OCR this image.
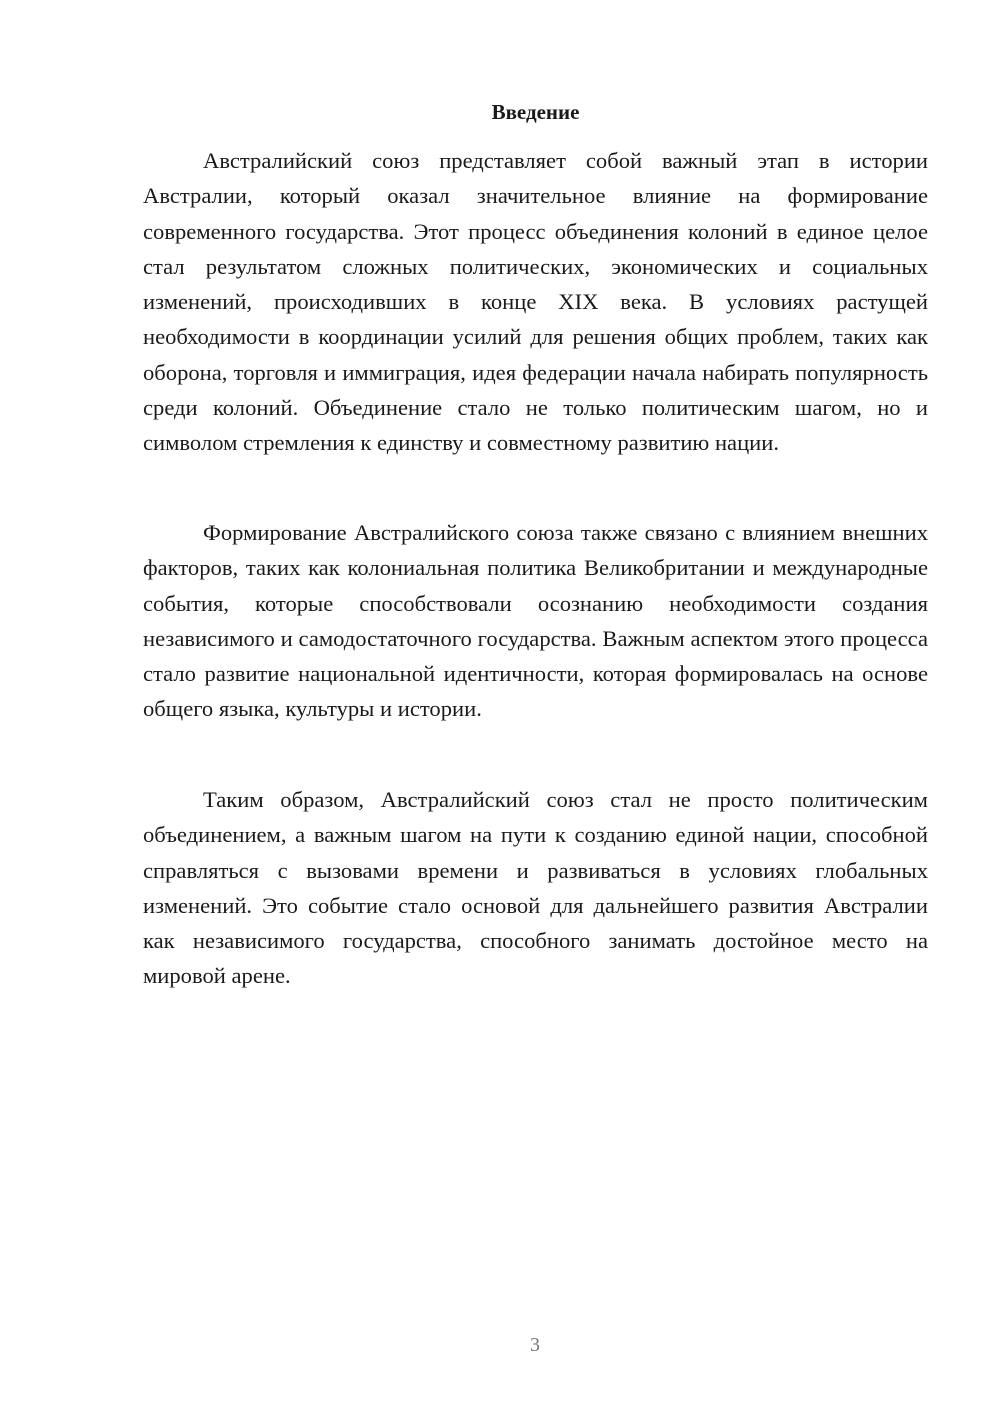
Введение

Австралийский союз представляет собой важный этап в истории Австралии, который оказал значительное влияние на формирование современного государства. Этот процесс объединения колоний в единое целое стал результатом сложных политических, экономических и социальных изменений, происходивших в конце XIX века. В условиях растущей необходимости в координации усилий для решения общих проблем, таких как оборона, торговля и иммиграция, идея федерации начала набирать популярность среди колоний. Объединение стало не только политическим шагом, но и символом стремления к единству и совместному развитию нации.

Формирование Австралийского союза также связано с влиянием внешних факторов, таких как колониальная политика Великобритании и международные события, которые способствовали осознанию необходимости создания независимого и самодостаточного государства. Важным аспектом этого процесса стало развитие национальной идентичности, которая формировалась на основе общего языка, культуры и истории.

Таким образом, Австралийский союз стал не просто политическим объединением, а важным шагом на пути к созданию единой нации, способной справляться с вызовами времени и развиваться в условиях глобальных изменений. Это событие стало основой для дальнейшего развития Австралии как независимого государства, способного занимать достойное место на мировой арене.

3
